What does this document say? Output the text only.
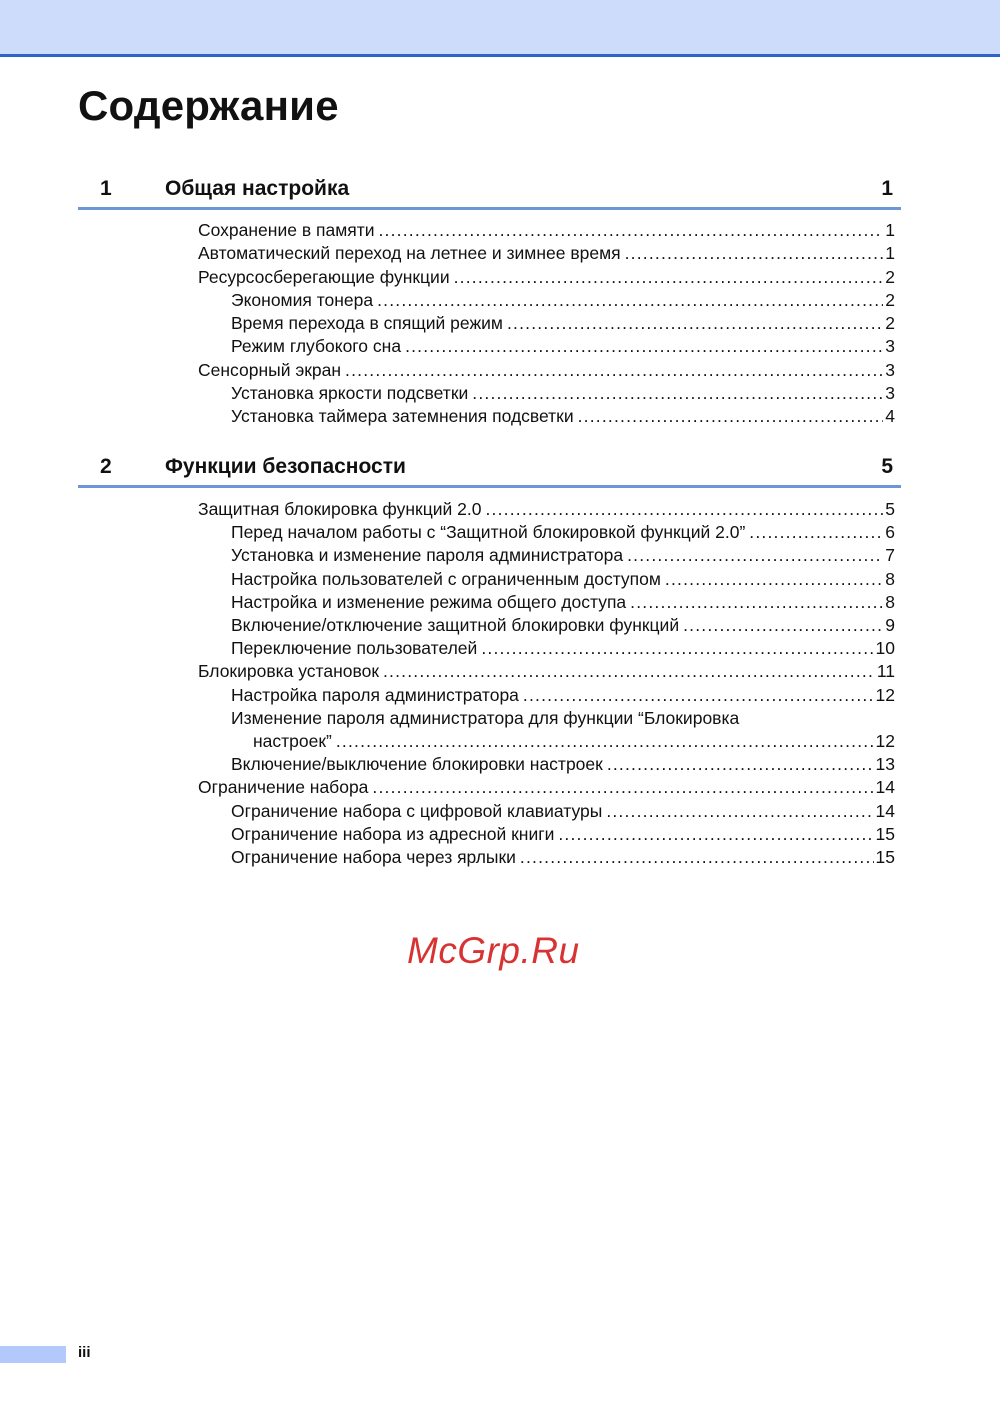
Содержание
1	Общая настройка	1
Сохранение в памяти .....	1
Автоматический переход на летнее и зимнее время .....	1
Ресурсосберегающие функции .....	2
Экономия тонера .....	2
Время перехода в спящий режим .....	2
Режим глубокого сна .....	3
Сенсорный экран .....	3
Установка яркости подсветки .....	3
Установка таймера затемнения подсветки .....	4
2	Функции безопасности	5
Защитная блокировка функций 2.0 .....	5
Перед началом работы с “Защитной блокировкой функций 2.0” .....	6
Установка и изменение пароля администратора .....	7
Настройка пользователей с ограниченным доступом .....	8
Настройка и изменение режима общего доступа .....	8
Включение/отключение защитной блокировки функций .....	9
Переключение пользователей .....	10
Блокировка установок .....	11
Настройка пароля администратора .....	12
Изменение пароля администратора для функции “Блокировка
настроек” .....	12
Включение/выключение блокировки настроек .....	13
Ограничение набора .....	14
Ограничение набора с цифровой клавиатуры .....	14
Ограничение набора из адресной книги .....	15
Ограничение набора через ярлыки .....	15
McGrp.Ru
iii
